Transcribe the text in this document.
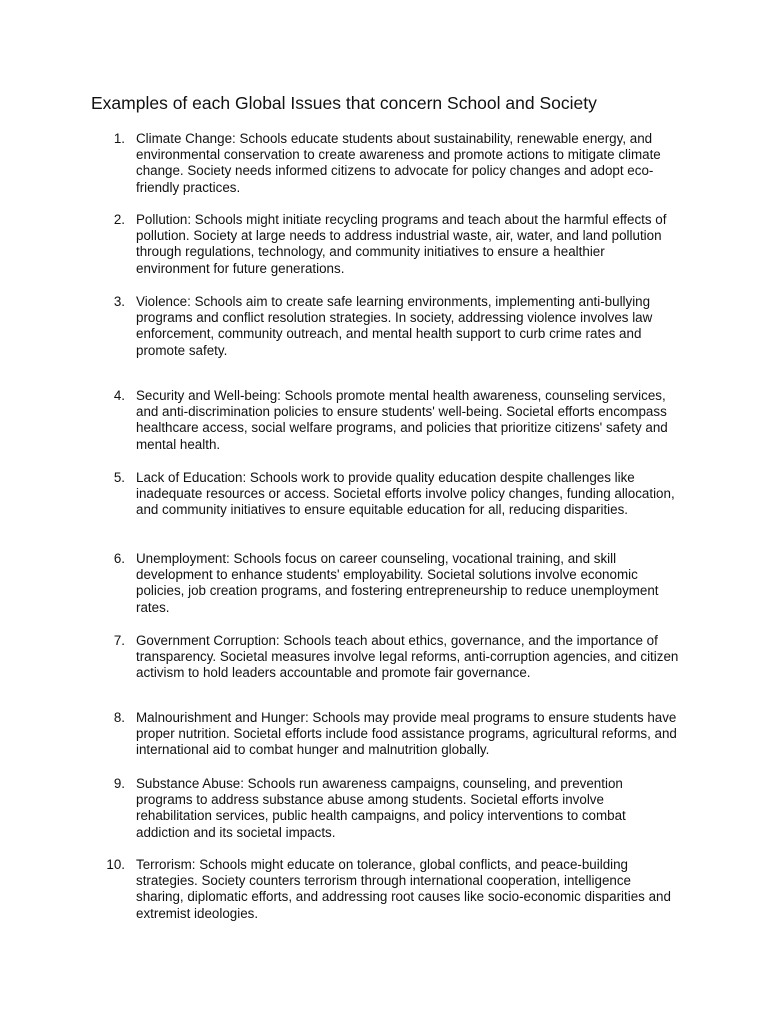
Examples of each Global Issues that concern School and Society
1. Climate Change: Schools educate students about sustainability, renewable energy, and environmental conservation to create awareness and promote actions to mitigate climate change. Society needs informed citizens to advocate for policy changes and adopt eco-friendly practices.

2. Pollution: Schools might initiate recycling programs and teach about the harmful effects of pollution. Society at large needs to address industrial waste, air, water, and land pollution through regulations, technology, and community initiatives to ensure a healthier environment for future generations.

3. Violence: Schools aim to create safe learning environments, implementing anti-bullying programs and conflict resolution strategies. In society, addressing violence involves law enforcement, community outreach, and mental health support to curb crime rates and promote safety.

4. Security and Well-being: Schools promote mental health awareness, counseling services, and anti-discrimination policies to ensure students' well-being. Societal efforts encompass healthcare access, social welfare programs, and policies that prioritize citizens' safety and mental health.

5. Lack of Education: Schools work to provide quality education despite challenges like inadequate resources or access. Societal efforts involve policy changes, funding allocation, and community initiatives to ensure equitable education for all, reducing disparities.

6. Unemployment: Schools focus on career counseling, vocational training, and skill development to enhance students' employability. Societal solutions involve economic policies, job creation programs, and fostering entrepreneurship to reduce unemployment rates.

7. Government Corruption: Schools teach about ethics, governance, and the importance of transparency. Societal measures involve legal reforms, anti-corruption agencies, and citizen activism to hold leaders accountable and promote fair governance.

8. Malnourishment and Hunger: Schools may provide meal programs to ensure students have proper nutrition. Societal efforts include food assistance programs, agricultural reforms, and international aid to combat hunger and malnutrition globally.

9. Substance Abuse: Schools run awareness campaigns, counseling, and prevention programs to address substance abuse among students. Societal efforts involve rehabilitation services, public health campaigns, and policy interventions to combat addiction and its societal impacts.

10. Terrorism: Schools might educate on tolerance, global conflicts, and peace-building strategies. Society counters terrorism through international cooperation, intelligence sharing, diplomatic efforts, and addressing root causes like socio-economic disparities and extremist ideologies.
